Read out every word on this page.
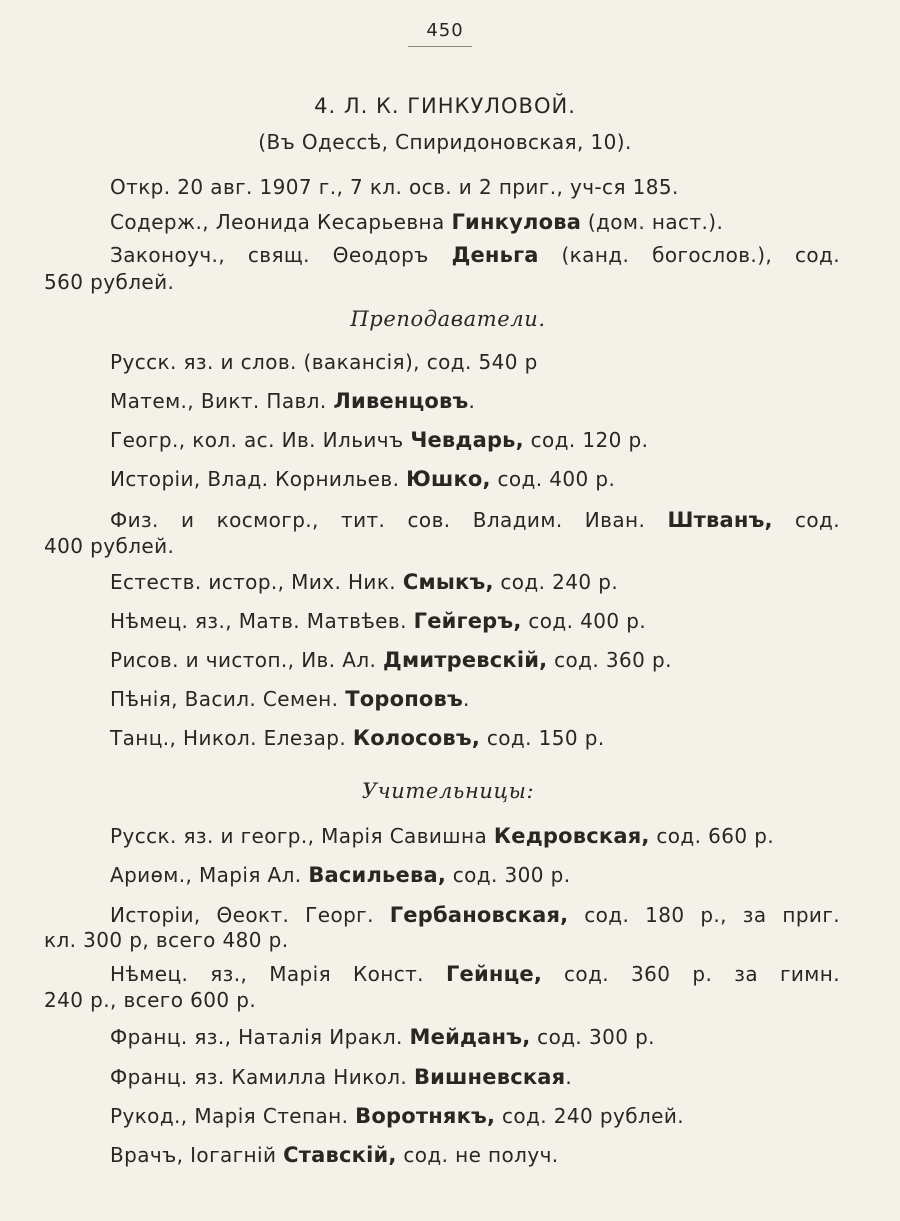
450
4. Л. К. ГИНКУЛОВОЙ.
(Въ Одессѣ, Спиридоновская, 10).
Откр. 20 авг. 1907 г., 7 кл. осв. и 2 приг., уч-ся 185.
Содерж., Леонида Кесарьевна Гинкулова (дом. наст.).
Законоуч., свящ. Θеодоръ Деньга (канд. богослов.), сод.
560 рублей.
Преподаватели.
Русск. яз. и слов. (вакансія), сод. 540 р
Матем., Викт. Павл. Ливенцовъ.
Геогр., кол. ас. Ив. Ильичъ Чевдарь, сод. 120 р.
Исторіи, Влад. Корнильев. Юшко, сод. 400 р.
Физ. и космогр., тит. сов. Владим. Иван. Штванъ, сод.
400 рублей.
Естеств. истор., Мих. Ник. Смыкъ, сод. 240 р.
Нѣмец. яз., Матв. Матвѣев. Гейгеръ, сод. 400 р.
Рисов. и чистоп., Ив. Ал. Дмитревскій, сод. 360 р.
Пѣнія, Васил. Семен. Тороповъ.
Танц., Никол. Елезар. Колосовъ, сод. 150 р.
Учительницы:
Русск. яз. и геогр., Марія Савишна Кедровская, сод. 660 р.
Ариѳм., Марія Ал. Васильева, сод. 300 р.
Исторіи, Θеокт. Георг. Гербановская, сод. 180 р., за приг.
кл. 300 р, всего 480 р.
Нѣмец. яз., Марія Конст. Гейнце, сод. 360 р. за гимн.
240 р., всего 600 р.
Франц. яз., Наталія Иракл. Мейданъ, сод. 300 р.
Франц. яз. Камилла Никол. Вишневская.
Рукод., Марія Степан. Воротнякъ, сод. 240 рублей.
Врачъ, Іогагній Ставскій, сод. не получ.
